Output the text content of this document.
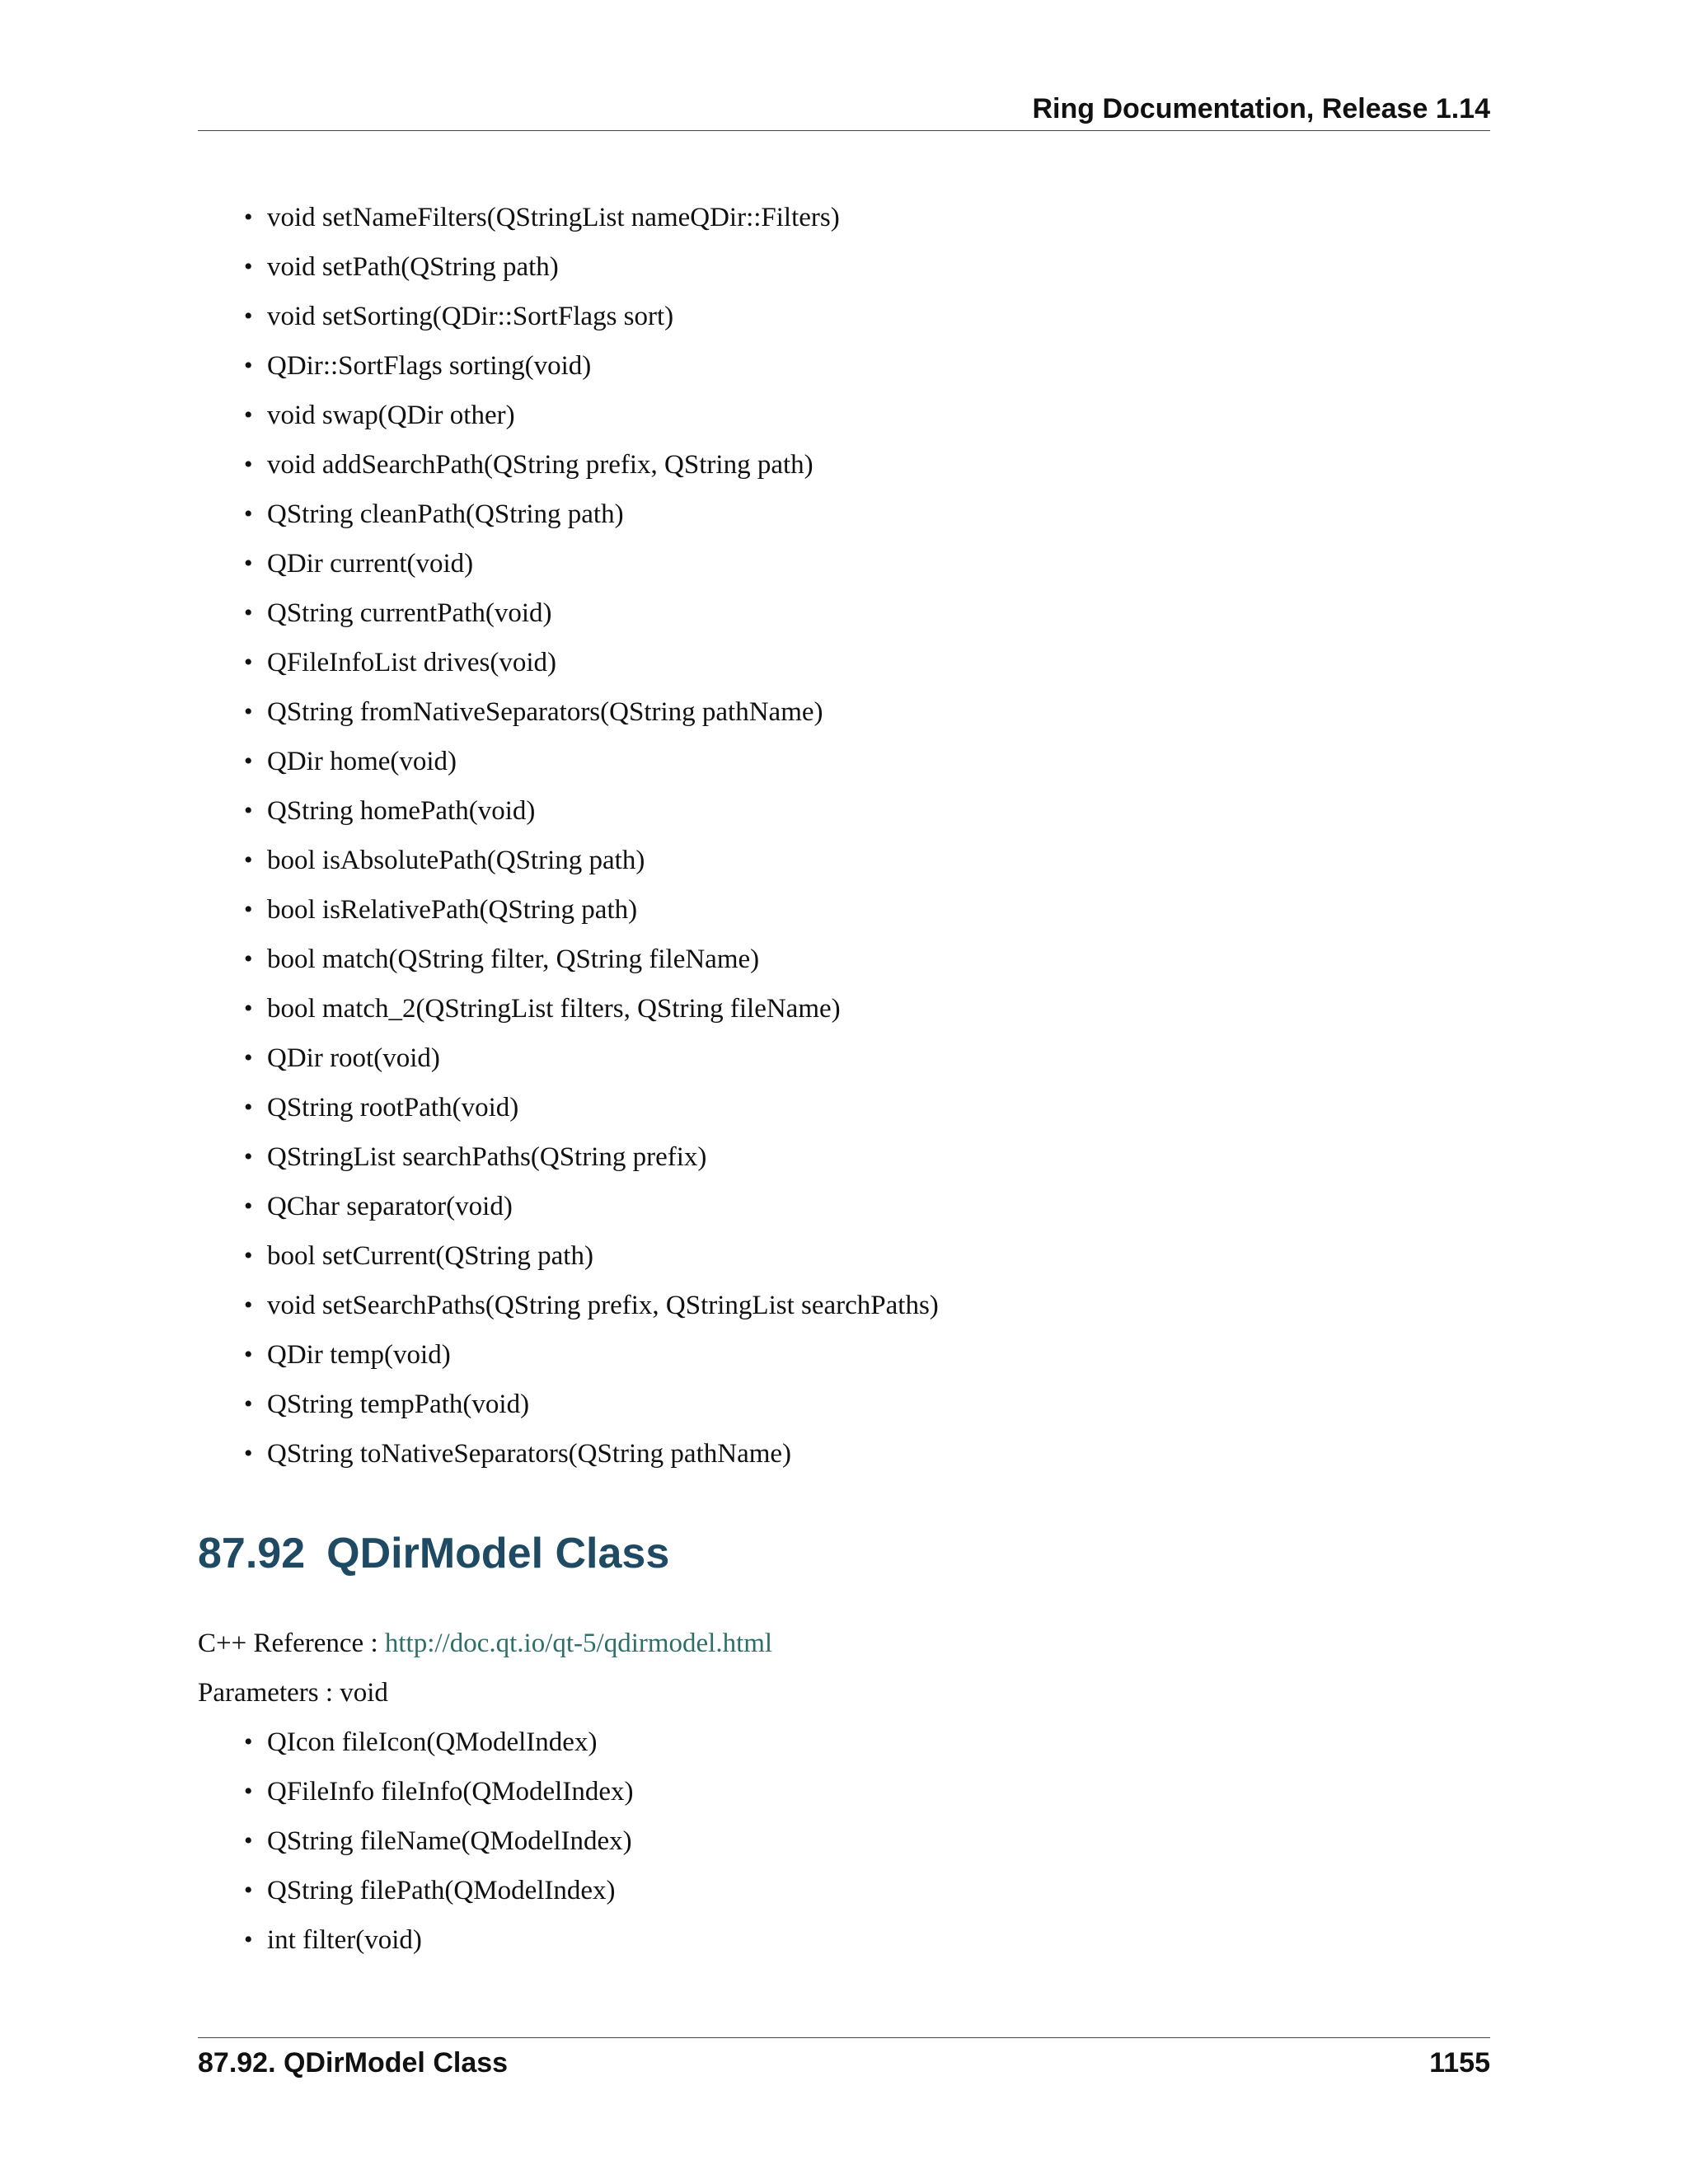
Ring Documentation, Release 1.14
• void setNameFilters(QStringList nameQDir::Filters)
• void setPath(QString path)
• void setSorting(QDir::SortFlags sort)
• QDir::SortFlags sorting(void)
• void swap(QDir other)
• void addSearchPath(QString prefix, QString path)
• QString cleanPath(QString path)
• QDir current(void)
• QString currentPath(void)
• QFileInfoList drives(void)
• QString fromNativeSeparators(QString pathName)
• QDir home(void)
• QString homePath(void)
• bool isAbsolutePath(QString path)
• bool isRelativePath(QString path)
• bool match(QString filter, QString fileName)
• bool match_2(QStringList filters, QString fileName)
• QDir root(void)
• QString rootPath(void)
• QStringList searchPaths(QString prefix)
• QChar separator(void)
• bool setCurrent(QString path)
• void setSearchPaths(QString prefix, QStringList searchPaths)
• QDir temp(void)
• QString tempPath(void)
• QString toNativeSeparators(QString pathName)
87.92 QDirModel Class
C++ Reference : http://doc.qt.io/qt-5/qdirmodel.html
Parameters : void
• QIcon fileIcon(QModelIndex)
• QFileInfo fileInfo(QModelIndex)
• QString fileName(QModelIndex)
• QString filePath(QModelIndex)
• int filter(void)
87.92. QDirModel Class	1155
